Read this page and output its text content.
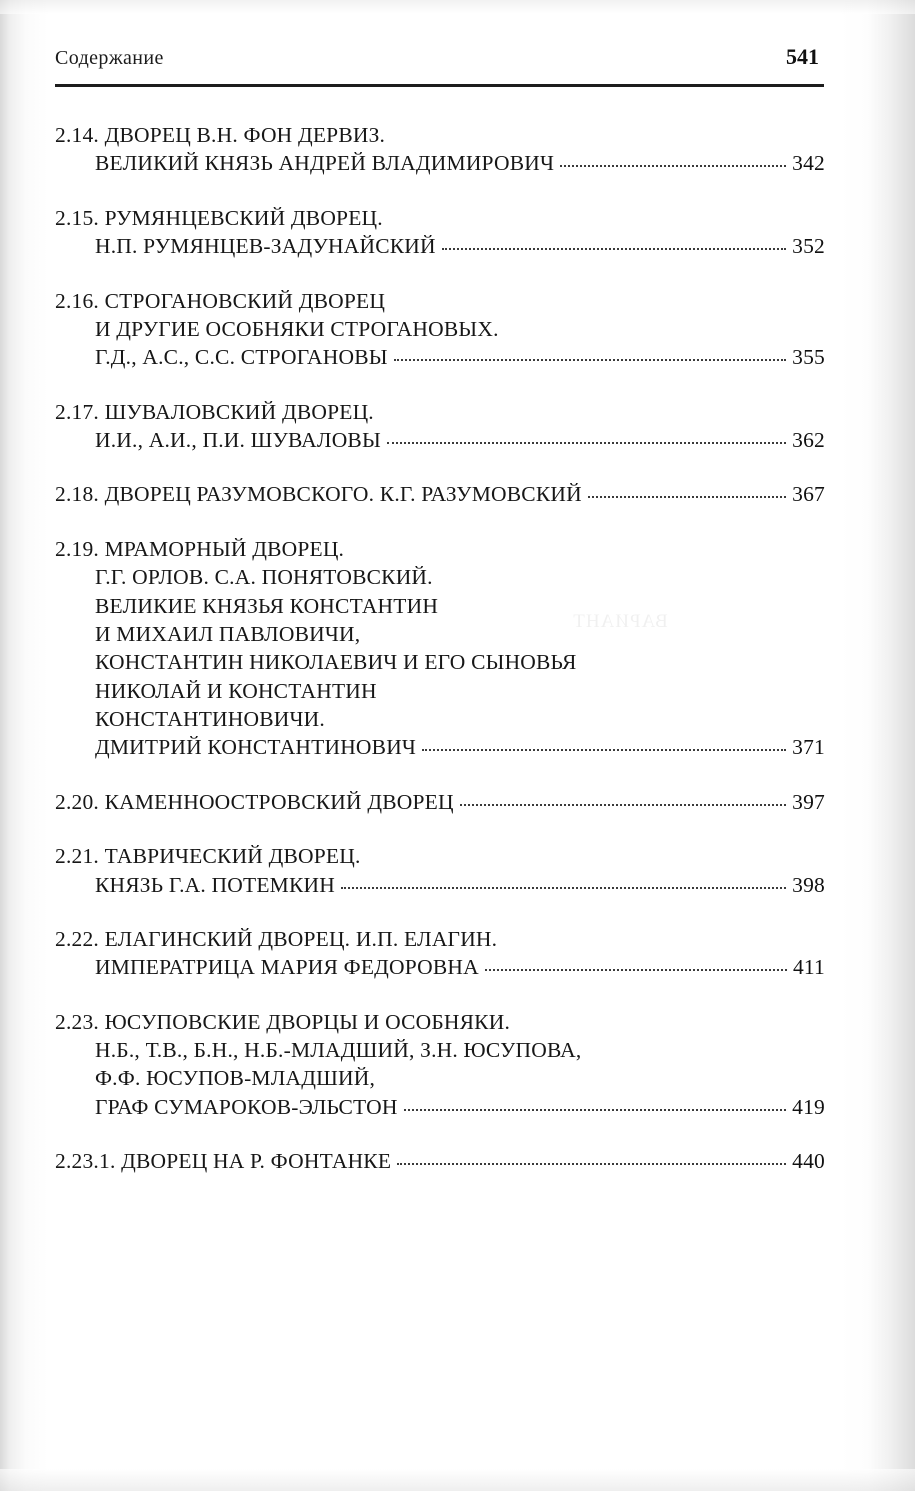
ВАРИАНТ
Содержание	541
2.14. ДВОРЕЦ В.Н. ФОН ДЕРВИЗ.
ВЕЛИКИЙ КНЯЗЬ АНДРЕЙ ВЛАДИМИРОВИЧ	342
2.15. РУМЯНЦЕВСКИЙ ДВОРЕЦ.
Н.П. РУМЯНЦЕВ-ЗАДУНАЙСКИЙ	352
2.16. СТРОГАНОВСКИЙ ДВОРЕЦ
И ДРУГИЕ ОСОБНЯКИ СТРОГАНОВЫХ.
Г.Д., А.С., С.С. СТРОГАНОВЫ	355
2.17. ШУВАЛОВСКИЙ ДВОРЕЦ.
И.И., А.И., П.И. ШУВАЛОВЫ	362
2.18. ДВОРЕЦ РАЗУМОВСКОГО. К.Г. РАЗУМОВСКИЙ	367
2.19. МРАМОРНЫЙ ДВОРЕЦ.
Г.Г. ОРЛОВ. С.А. ПОНЯТОВСКИЙ.
ВЕЛИКИЕ КНЯЗЬЯ КОНСТАНТИН
И МИХАИЛ ПАВЛОВИЧИ,
КОНСТАНТИН НИКОЛАЕВИЧ И ЕГО СЫНОВЬЯ
НИКОЛАЙ И КОНСТАНТИН
КОНСТАНТИНОВИЧИ.
ДМИТРИЙ КОНСТАНТИНОВИЧ	371
2.20. КАМЕННООСТРОВСКИЙ ДВОРЕЦ	397
2.21. ТАВРИЧЕСКИЙ ДВОРЕЦ.
КНЯЗЬ Г.А. ПОТЕМКИН	398
2.22. ЕЛАГИНСКИЙ ДВОРЕЦ. И.П. ЕЛАГИН.
ИМПЕРАТРИЦА МАРИЯ ФЕДОРОВНА	411
2.23. ЮСУПОВСКИЕ ДВОРЦЫ И ОСОБНЯКИ.
Н.Б., Т.В., Б.Н., Н.Б.-МЛАДШИЙ, З.Н. ЮСУПОВА,
Ф.Ф. ЮСУПОВ-МЛАДШИЙ,
ГРАФ СУМАРОКОВ-ЭЛЬСТОН	419
2.23.1. ДВОРЕЦ НА Р. ФОНТАНКЕ	440
